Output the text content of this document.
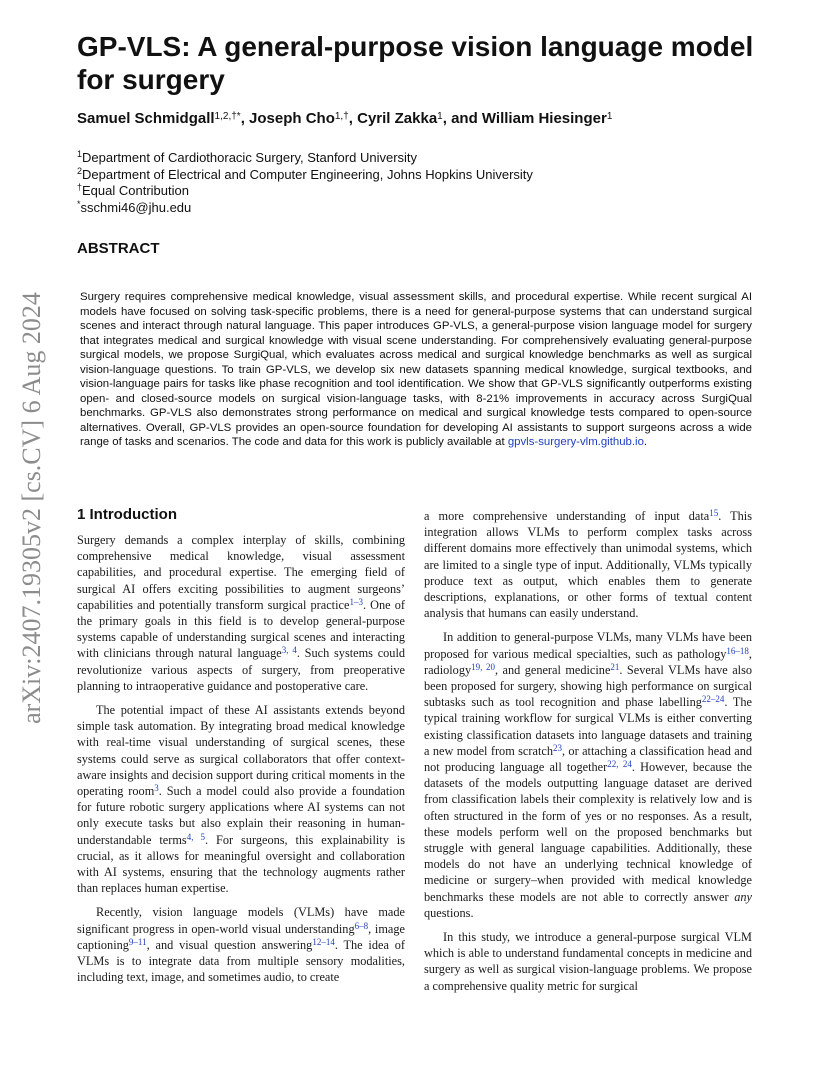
arXiv:2407.19305v2 [cs.CV] 6 Aug 2024
GP-VLS: A general-purpose vision language model for surgery
Samuel Schmidgall$^{1,2,\dagger*}$, Joseph Cho$^{1,\dagger}$, Cyril Zakka$^1$, and William Hiesinger$^1$
$^1$Department of Cardiothoracic Surgery, Stanford University
$^2$Department of Electrical and Computer Engineering, Johns Hopkins University
†Equal Contribution
*sschmi46@jhu.edu
ABSTRACT
Surgery requires comprehensive medical knowledge, visual assessment skills, and procedural expertise. While recent surgical AI models have focused on solving task-specific problems, there is a need for general-purpose systems that can understand surgical scenes and interact through natural language. This paper introduces GP-VLS, a general-purpose vision language model for surgery that integrates medical and surgical knowledge with visual scene understanding. For comprehensively evaluating general-purpose surgical models, we propose SurgiQual, which evaluates across medical and surgical knowledge benchmarks as well as surgical vision-language questions. To train GP-VLS, we develop six new datasets spanning medical knowledge, surgical textbooks, and vision-language pairs for tasks like phase recognition and tool identification. We show that GP-VLS significantly outperforms existing open- and closed-source models on surgical vision-language tasks, with 8-21% improvements in accuracy across SurgiQual benchmarks. GP-VLS also demonstrates strong performance on medical and surgical knowledge tests compared to open-source alternatives. Overall, GP-VLS provides an open-source foundation for developing AI assistants to support surgeons across a wide range of tasks and scenarios. The code and data for this work is publicly available at gpvls-surgery-vlm.github.io.
1 Introduction

Surgery demands a complex interplay of skills, combining comprehensive medical knowledge, visual assessment capabilities, and procedural expertise. The emerging field of surgical AI offers exciting possibilities to augment surgeons’ capabilities and potentially transform surgical practice$^{1-3}$. One of the primary goals in this field is to develop general-purpose systems capable of understanding surgical scenes and interacting with clinicians through natural language$^{3, 4}$. Such systems could revolutionize various aspects of surgery, from preoperative planning to intraoperative guidance and postoperative care.

The potential impact of these AI assistants extends beyond simple task automation. By integrating broad medical knowledge with real-time visual understanding of surgical scenes, these systems could serve as surgical collaborators that offer context-aware insights and decision support during critical moments in the operating room$^3$. Such a model could also provide a foundation for future robotic surgery applications where AI systems can not only execute tasks but also explain their reasoning in human-understandable terms$^{4, 5}$. For surgeons, this explainability is crucial, as it allows for meaningful oversight and collaboration with AI systems, ensuring that the technology augments rather than replaces human expertise.

Recently, vision language models (VLMs) have made significant progress in open-world visual understanding$^{6-8}$, image captioning$^{9-11}$, and visual question answering$^{12-14}$. The idea of VLMs is to integrate data from multiple sensory modalities, including text, image, and sometimes audio, to create

a more comprehensive understanding of input data$^{15}$. This integration allows VLMs to perform complex tasks across different domains more effectively than unimodal systems, which are limited to a single type of input. Additionally, VLMs typically produce text as output, which enables them to generate descriptions, explanations, or other forms of textual content analysis that humans can easily understand.

In addition to general-purpose VLMs, many VLMs have been proposed for various medical specialties, such as pathology$^{16-18}$, radiology$^{19, 20}$, and general medicine$^{21}$. Several VLMs have also been proposed for surgery, showing high performance on surgical subtasks such as tool recognition and phase labelling$^{22-24}$. The typical training workflow for surgical VLMs is either converting existing classification datasets into language datasets and training a new model from scratch$^{23}$, or attaching a classification head and not producing language all together$^{22, 24}$. However, because the datasets of the models outputting language dataset are derived from classification labels their complexity is relatively low and is often structured in the form of yes or no responses. As a result, these models perform well on the proposed benchmarks but struggle with general language capabilities. Additionally, these models do not have an underlying technical knowledge of medicine or surgery–when provided with medical knowledge benchmarks these models are not able to correctly answer any questions.

In this study, we introduce a general-purpose surgical VLM which is able to understand fundamental concepts in medicine and surgery as well as surgical vision-language problems. We propose a comprehensive quality metric for surgical
